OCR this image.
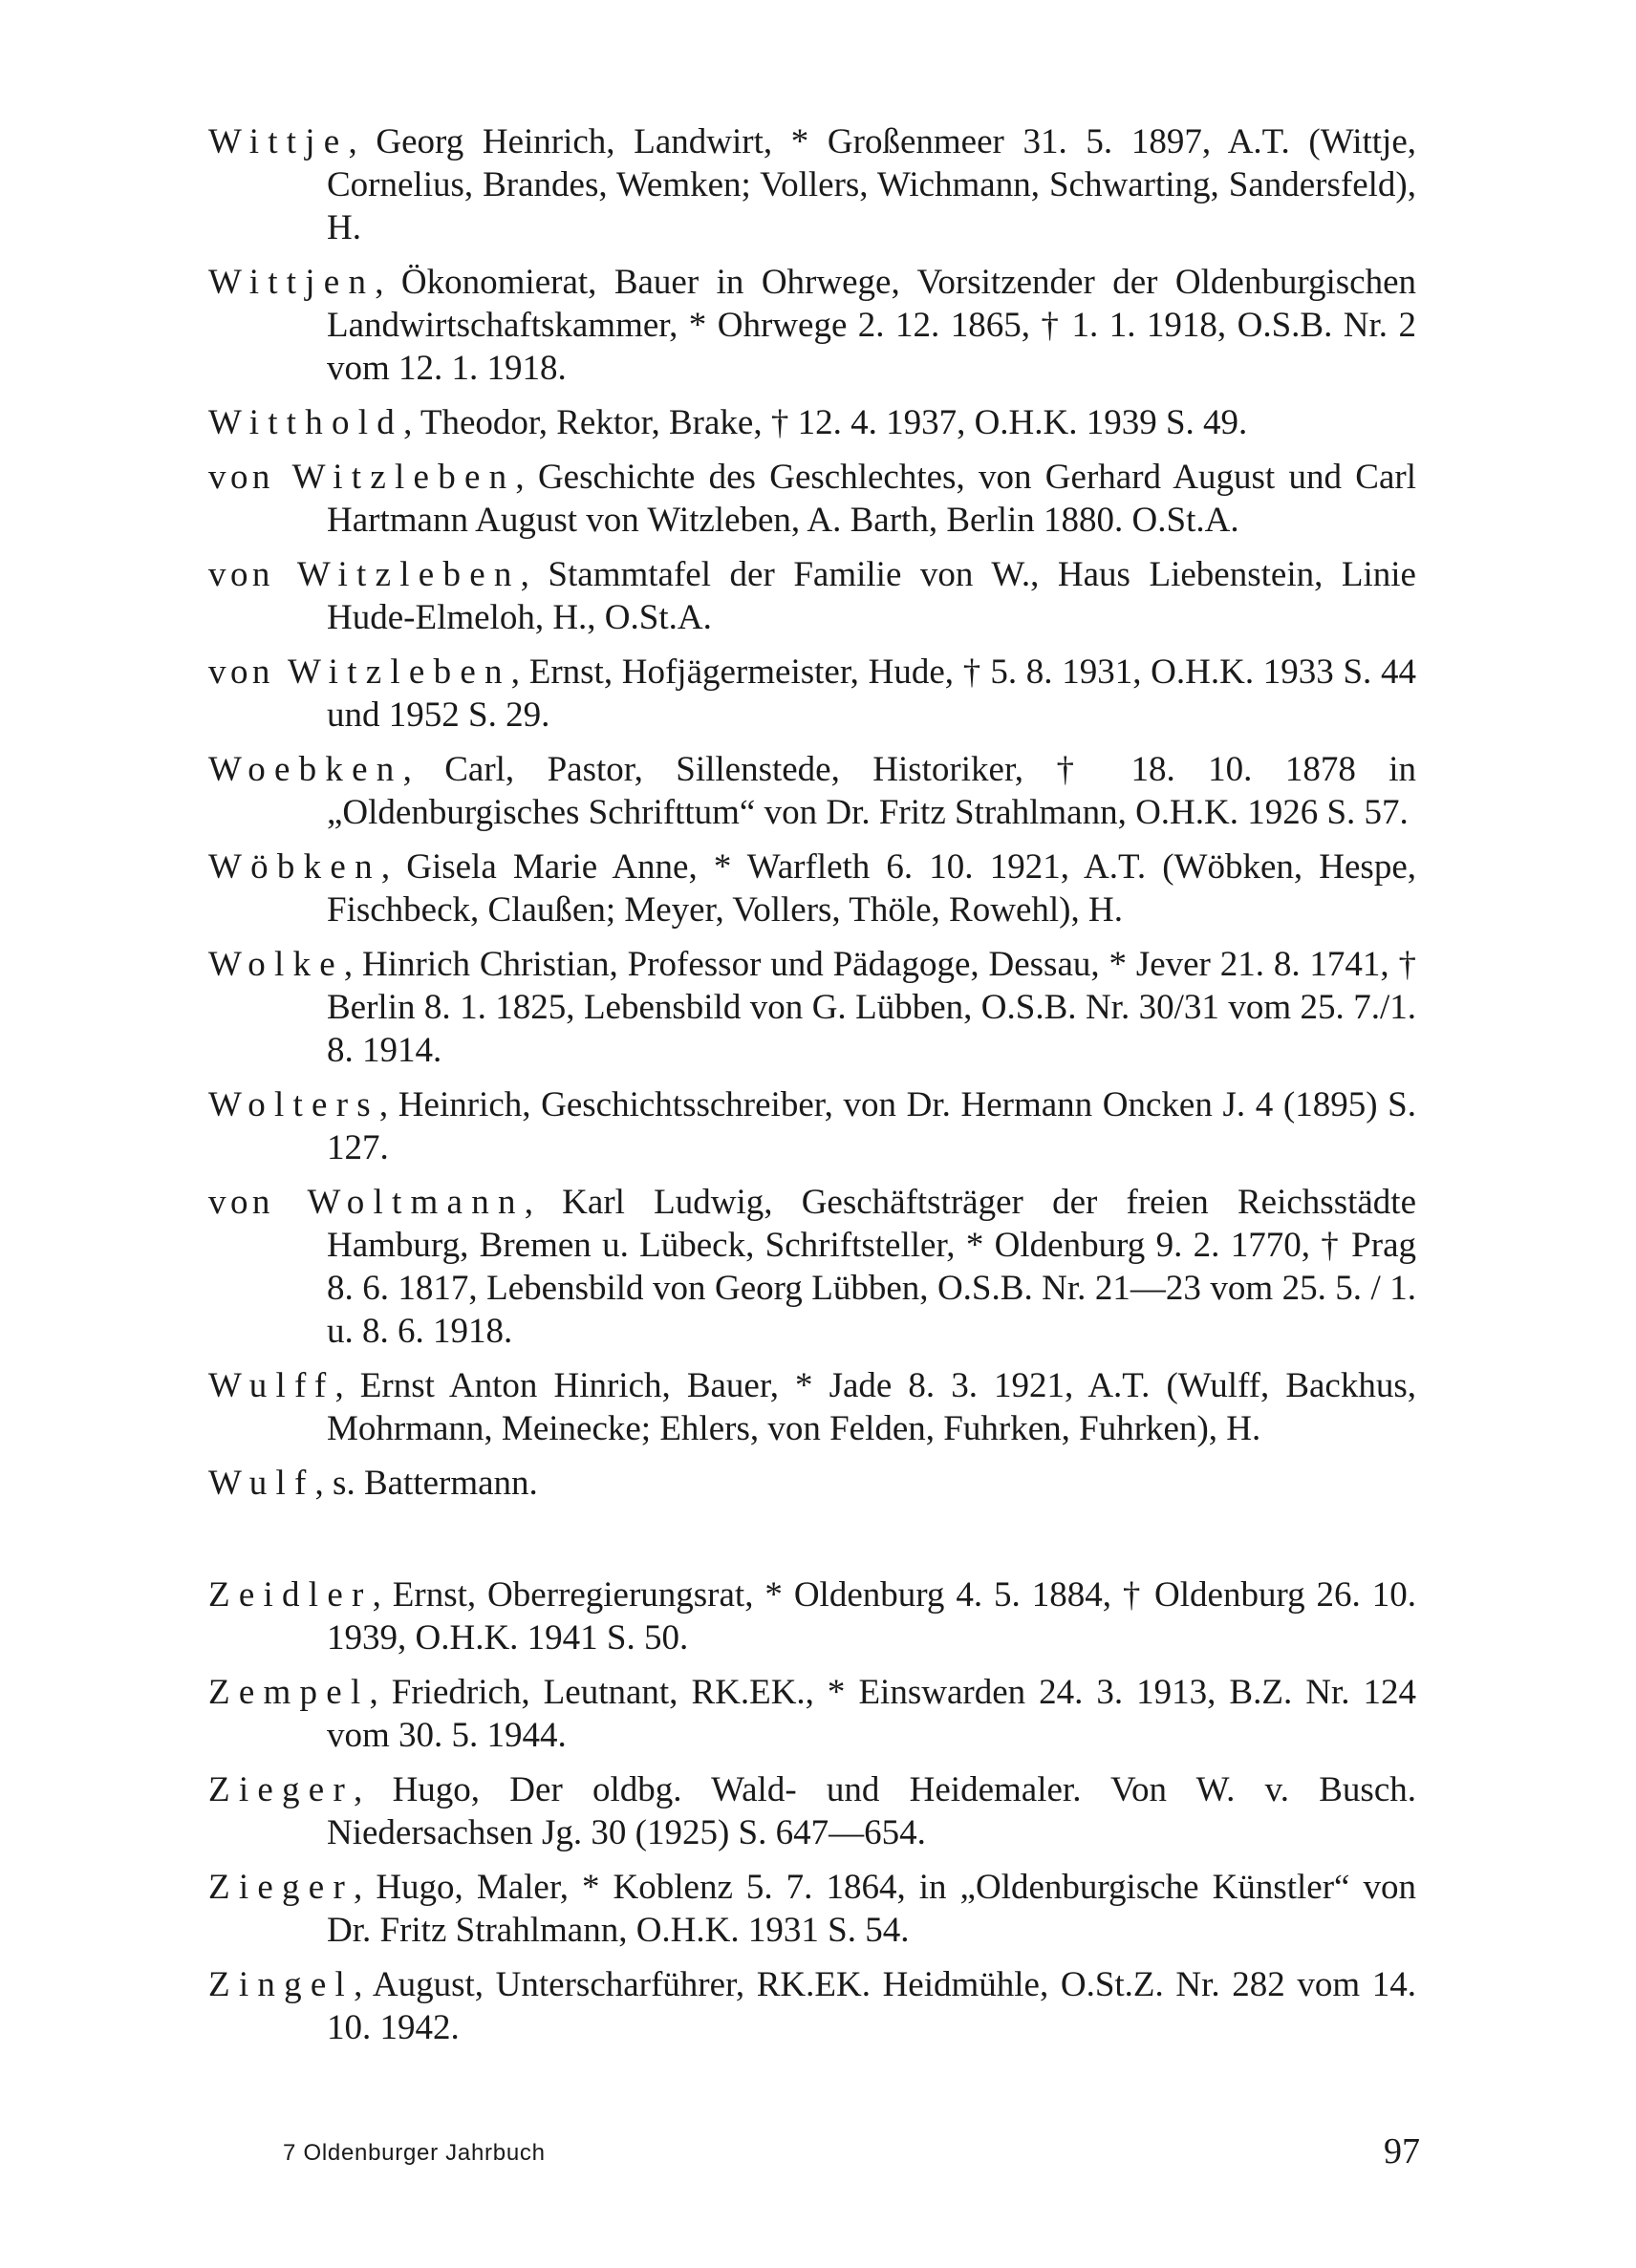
Wittje, Georg Heinrich, Landwirt, * Großenmeer 31. 5. 1897, A.T. (Wittje, Cornelius, Brandes, Wemken; Vollers, Wichmann, Schwarting, Sandersfeld), H.

Wittjen, Ökonomierat, Bauer in Ohrwege, Vorsitzender der Oldenburgischen Landwirtschaftskammer, * Ohrwege 2. 12. 1865, † 1. 1. 1918, O.S.B. Nr. 2 vom 12. 1. 1918.

Witthold, Theodor, Rektor, Brake, † 12. 4. 1937, O.H.K. 1939 S. 49.

von Witzleben, Geschichte des Geschlechtes, von Gerhard August und Carl Hartmann August von Witzleben, A. Barth, Berlin 1880. O.St.A.

von Witzleben, Stammtafel der Familie von W., Haus Liebenstein, Linie Hude-Elmeloh, H., O.St.A.

von Witzleben, Ernst, Hofjägermeister, Hude, † 5. 8. 1931, O.H.K. 1933 S. 44 und 1952 S. 29.

Woebken, Carl, Pastor, Sillenstede, Historiker, † 18. 10. 1878 in „Oldenburgisches Schrifttum“ von Dr. Fritz Strahlmann, O.H.K. 1926 S. 57.

Wöbken, Gisela Marie Anne, * Warfleth 6. 10. 1921, A.T. (Wöbken, Hespe, Fischbeck, Claußen; Meyer, Vollers, Thöle, Rowehl), H.

Wolke, Hinrich Christian, Professor und Pädagoge, Dessau, * Jever 21. 8. 1741, † Berlin 8. 1. 1825, Lebensbild von G. Lübben, O.S.B. Nr. 30/31 vom 25. 7./1. 8. 1914.

Wolters, Heinrich, Geschichtsschreiber, von Dr. Hermann Oncken J. 4 (1895) S. 127.

von Woltmann, Karl Ludwig, Geschäftsträger der freien Reichsstädte Hamburg, Bremen u. Lübeck, Schriftsteller, * Oldenburg 9. 2. 1770, † Prag 8. 6. 1817, Lebensbild von Georg Lübben, O.S.B. Nr. 21—23 vom 25. 5. / 1. u. 8. 6. 1918.

Wulff, Ernst Anton Hinrich, Bauer, * Jade 8. 3. 1921, A.T. (Wulff, Backhus, Mohrmann, Meinecke; Ehlers, von Felden, Fuhrken, Fuhrken), H.

Wulf, s. Battermann.

Zeidler, Ernst, Oberregierungsrat, * Oldenburg 4. 5. 1884, † Oldenburg 26. 10. 1939, O.H.K. 1941 S. 50.

Zempel, Friedrich, Leutnant, RK.EK., * Einswarden 24. 3. 1913, B.Z. Nr. 124 vom 30. 5. 1944.

Zieger, Hugo, Der oldbg. Wald- und Heidemaler. Von W. v. Busch. Niedersachsen Jg. 30 (1925) S. 647—654.

Zieger, Hugo, Maler, * Koblenz 5. 7. 1864, in „Oldenburgische Künstler“ von Dr. Fritz Strahlmann, O.H.K. 1931 S. 54.

Zingel, August, Unterscharführer, RK.EK. Heidmühle, O.St.Z. Nr. 282 vom 14. 10. 1942.

7 Oldenburger Jahrbuch	97
